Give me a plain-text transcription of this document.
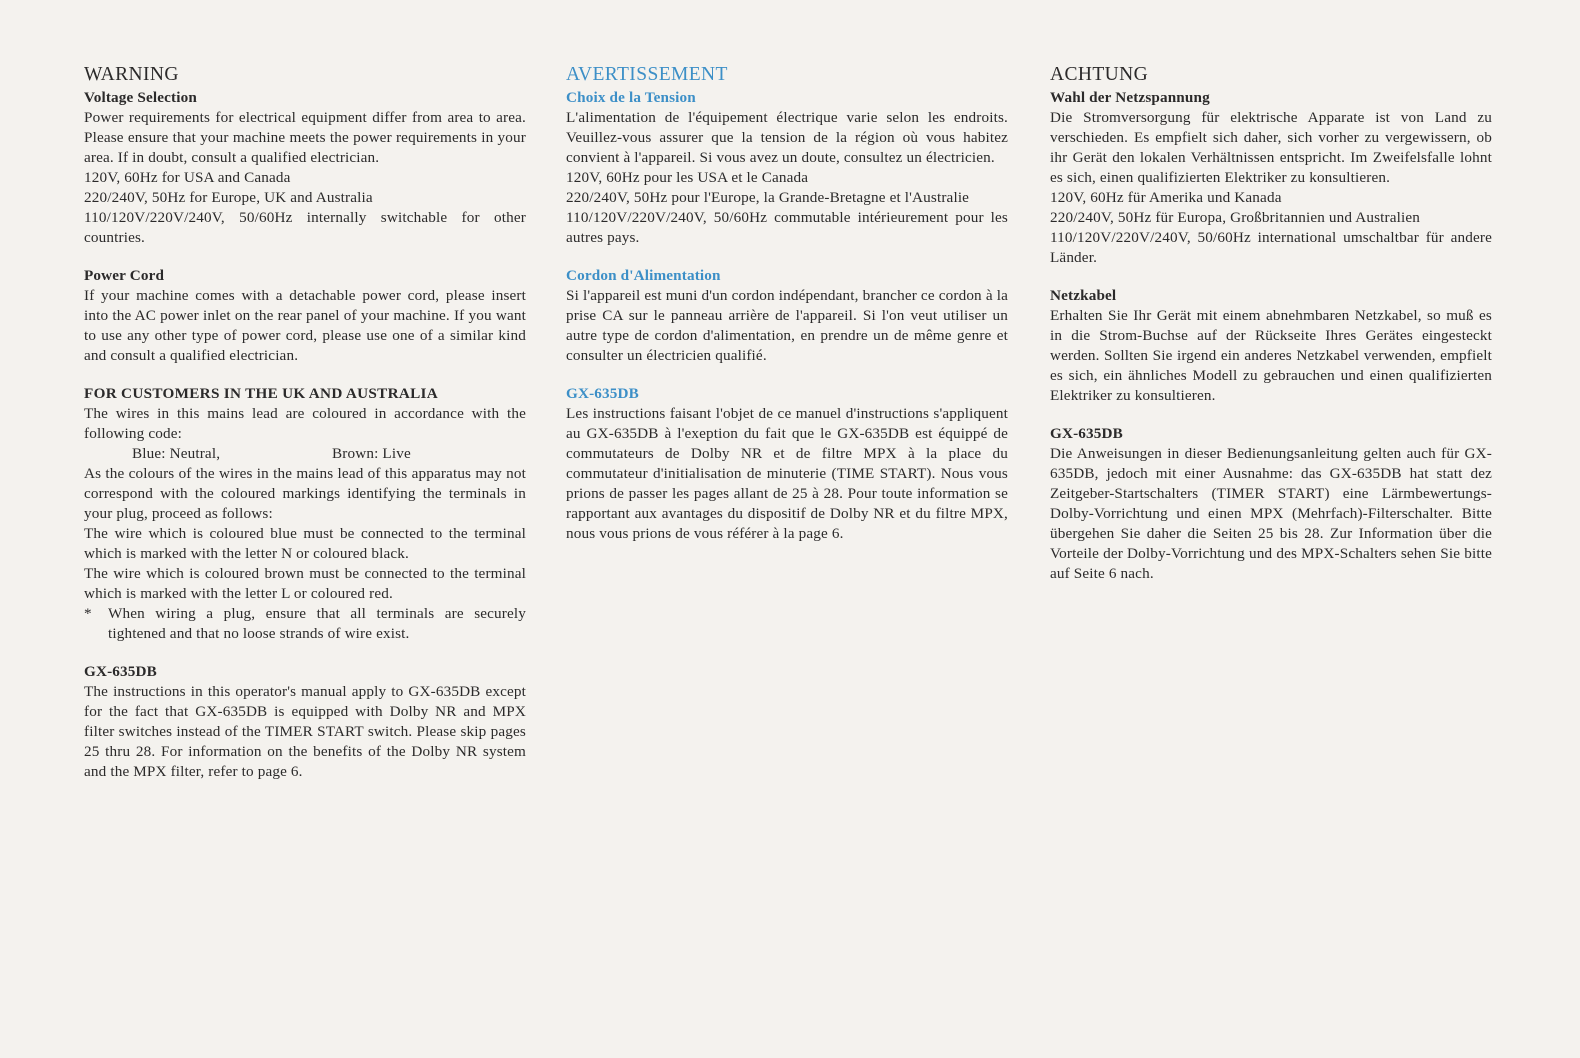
WARNING
Voltage Selection

Power requirements for electrical equipment differ from area to area. Please ensure that your machine meets the power requirements in your area. If in doubt, consult a qualified electrician.

120V, 60Hz for USA and Canada
220/240V, 50Hz for Europe, UK and Australia

110/120V/220V/240V, 50/60Hz internally switchable for other countries.

Power Cord

If your machine comes with a detachable power cord, please insert into the AC power inlet on the rear panel of your machine. If you want to use any other type of power cord, please use one of a similar kind and consult a qualified electrician.

FOR CUSTOMERS IN THE UK AND AUSTRALIA

The wires in this mains lead are coloured in accordance with the following code:

Blue: Neutral,	Brown: Live

As the colours of the wires in the mains lead of this apparatus may not correspond with the coloured markings identifying the terminals in your plug, proceed as follows:

The wire which is coloured blue must be connected to the terminal which is marked with the letter N or coloured black.

The wire which is coloured brown must be connected to the terminal which is marked with the letter L or coloured red.

*	When wiring a plug, ensure that all terminals are securely tightened and that no loose strands of wire exist.
GX-635DB

The instructions in this operator's manual apply to GX-635DB except for the fact that GX-635DB is equipped with Dolby NR and MPX filter switches instead of the TIMER START switch. Please skip pages 25 thru 28. For information on the benefits of the Dolby NR system and the MPX filter, refer to page 6.

AVERTISSEMENT
Choix de la Tension

L'alimentation de l'équipement électrique varie selon les endroits. Veuillez-vous assurer que la tension de la région où vous habitez convient à l'appareil. Si vous avez un doute, consultez un électricien.

120V, 60Hz pour les USA et le Canada

220/240V, 50Hz pour l'Europe, la Grande-Bretagne et l'Australie

110/120V/220V/240V, 50/60Hz commutable intérieurement pour les autres pays.

Cordon d'Alimentation

Si l'appareil est muni d'un cordon indépendant, brancher ce cordon à la prise CA sur le panneau arrière de l'appareil. Si l'on veut utiliser un autre type de cordon d'alimentation, en prendre un de même genre et consulter un électricien qualifié.

GX-635DB

Les instructions faisant l'objet de ce manuel d'instructions s'appliquent au GX-635DB à l'exeption du fait que le GX-635DB est équippé de commutateurs de Dolby NR et de filtre MPX à la place du commutateur d'initialisation de minuterie (TIME START). Nous vous prions de passer les pages allant de 25 à 28. Pour toute information se rapportant aux avantages du dispositif de Dolby NR et du filtre MPX, nous vous prions de vous référer à la page 6.

ACHTUNG
Wahl der Netzspannung

Die Stromversorgung für elektrische Apparate ist von Land zu verschieden. Es empfielt sich daher, sich vorher zu vergewissern, ob ihr Gerät den lokalen Verhältnissen entspricht. Im Zweifelsfalle lohnt es sich, einen qualifizierten Elektriker zu konsultieren.

120V, 60Hz für Amerika und Kanada

220/240V, 50Hz für Europa, Großbritannien und Australien

110/120V/220V/240V, 50/60Hz international umschaltbar für andere Länder.

Netzkabel

Erhalten Sie Ihr Gerät mit einem abnehmbaren Netzkabel, so muß es in die Strom-Buchse auf der Rückseite Ihres Gerätes eingesteckt werden. Sollten Sie irgend ein anderes Netzkabel verwenden, empfielt es sich, ein ähnliches Modell zu gebrauchen und einen qualifizierten Elektriker zu konsultieren.

GX-635DB

Die Anweisungen in dieser Bedienungsanleitung gelten auch für GX-635DB, jedoch mit einer Ausnahme: das GX-635DB hat statt dez Zeitgeber-Startschalters (TIMER START) eine Lärmbewertungs-Dolby-Vorrichtung und einen MPX (Mehrfach)-Filterschalter. Bitte übergehen Sie daher die Seiten 25 bis 28. Zur Information über die Vorteile der Dolby-Vorrichtung und des MPX-Schalters sehen Sie bitte auf Seite 6 nach.
